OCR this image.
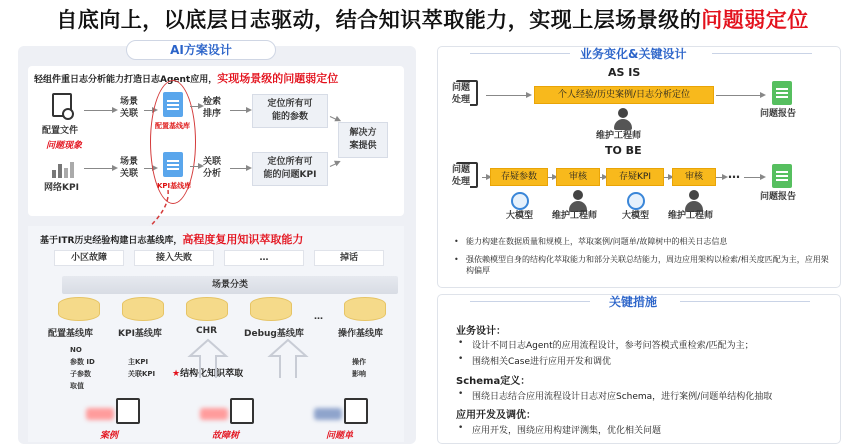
自底向上，以底层日志驱动，结合知识萃取能力，实现上层场景级的问题弱定位
AI方案设计
轻组件重日志分析能力打造日志Agent应用，实现场景级的问题弱定位
配置文件
问题现象
网络KPI
场景
关联
场景
关联
配置基线库
KPI基线库
检索
排序
关联
分析
定位所有可
能的参数
定位所有可
能的问题KPI
解决方
案提供
基于ITR历史经验构建日志基线库，高程度复用知识萃取能力
小区故障	接入失败	…	掉话
场景分类
配置基线库	KPI基线库	CHR	Debug基线库
…
操作基线库
NO
参数 ID
子参数
取值
主KPI
关联KPI
操作
影响
★结构化知识萃取
案例	故障树	问题单
业务变化&关键设计
AS IS
问题
处理	个人经验/历史案例/日志分析定位
问题报告
维护工程师
TO BE
问题
处理	存疑参数	审核	存疑KPI	审核	…
问题报告
大模型 维护工程师	大模型 维护工程师
• 能力构建在数据质量和规模上，萃取案例/问题单/故障树中的相关日志信息
• 强依赖模型自身的结构化萃取能力和部分关联总结能力，周边应用架构以检索/相关度匹配为主，应用架构偏厚
关键措施
业务设计：
• 设计不同日志Agent的应用流程设计，参考问答模式重检索/匹配为主；
• 围绕相关Case进行应用开发和调优
Schema定义：
• 围绕日志结合应用流程设计日志对应Schema，进行案例/问题单结构化抽取
应用开发及调优：
• 应用开发，围绕应用构建评测集，优化相关问题
